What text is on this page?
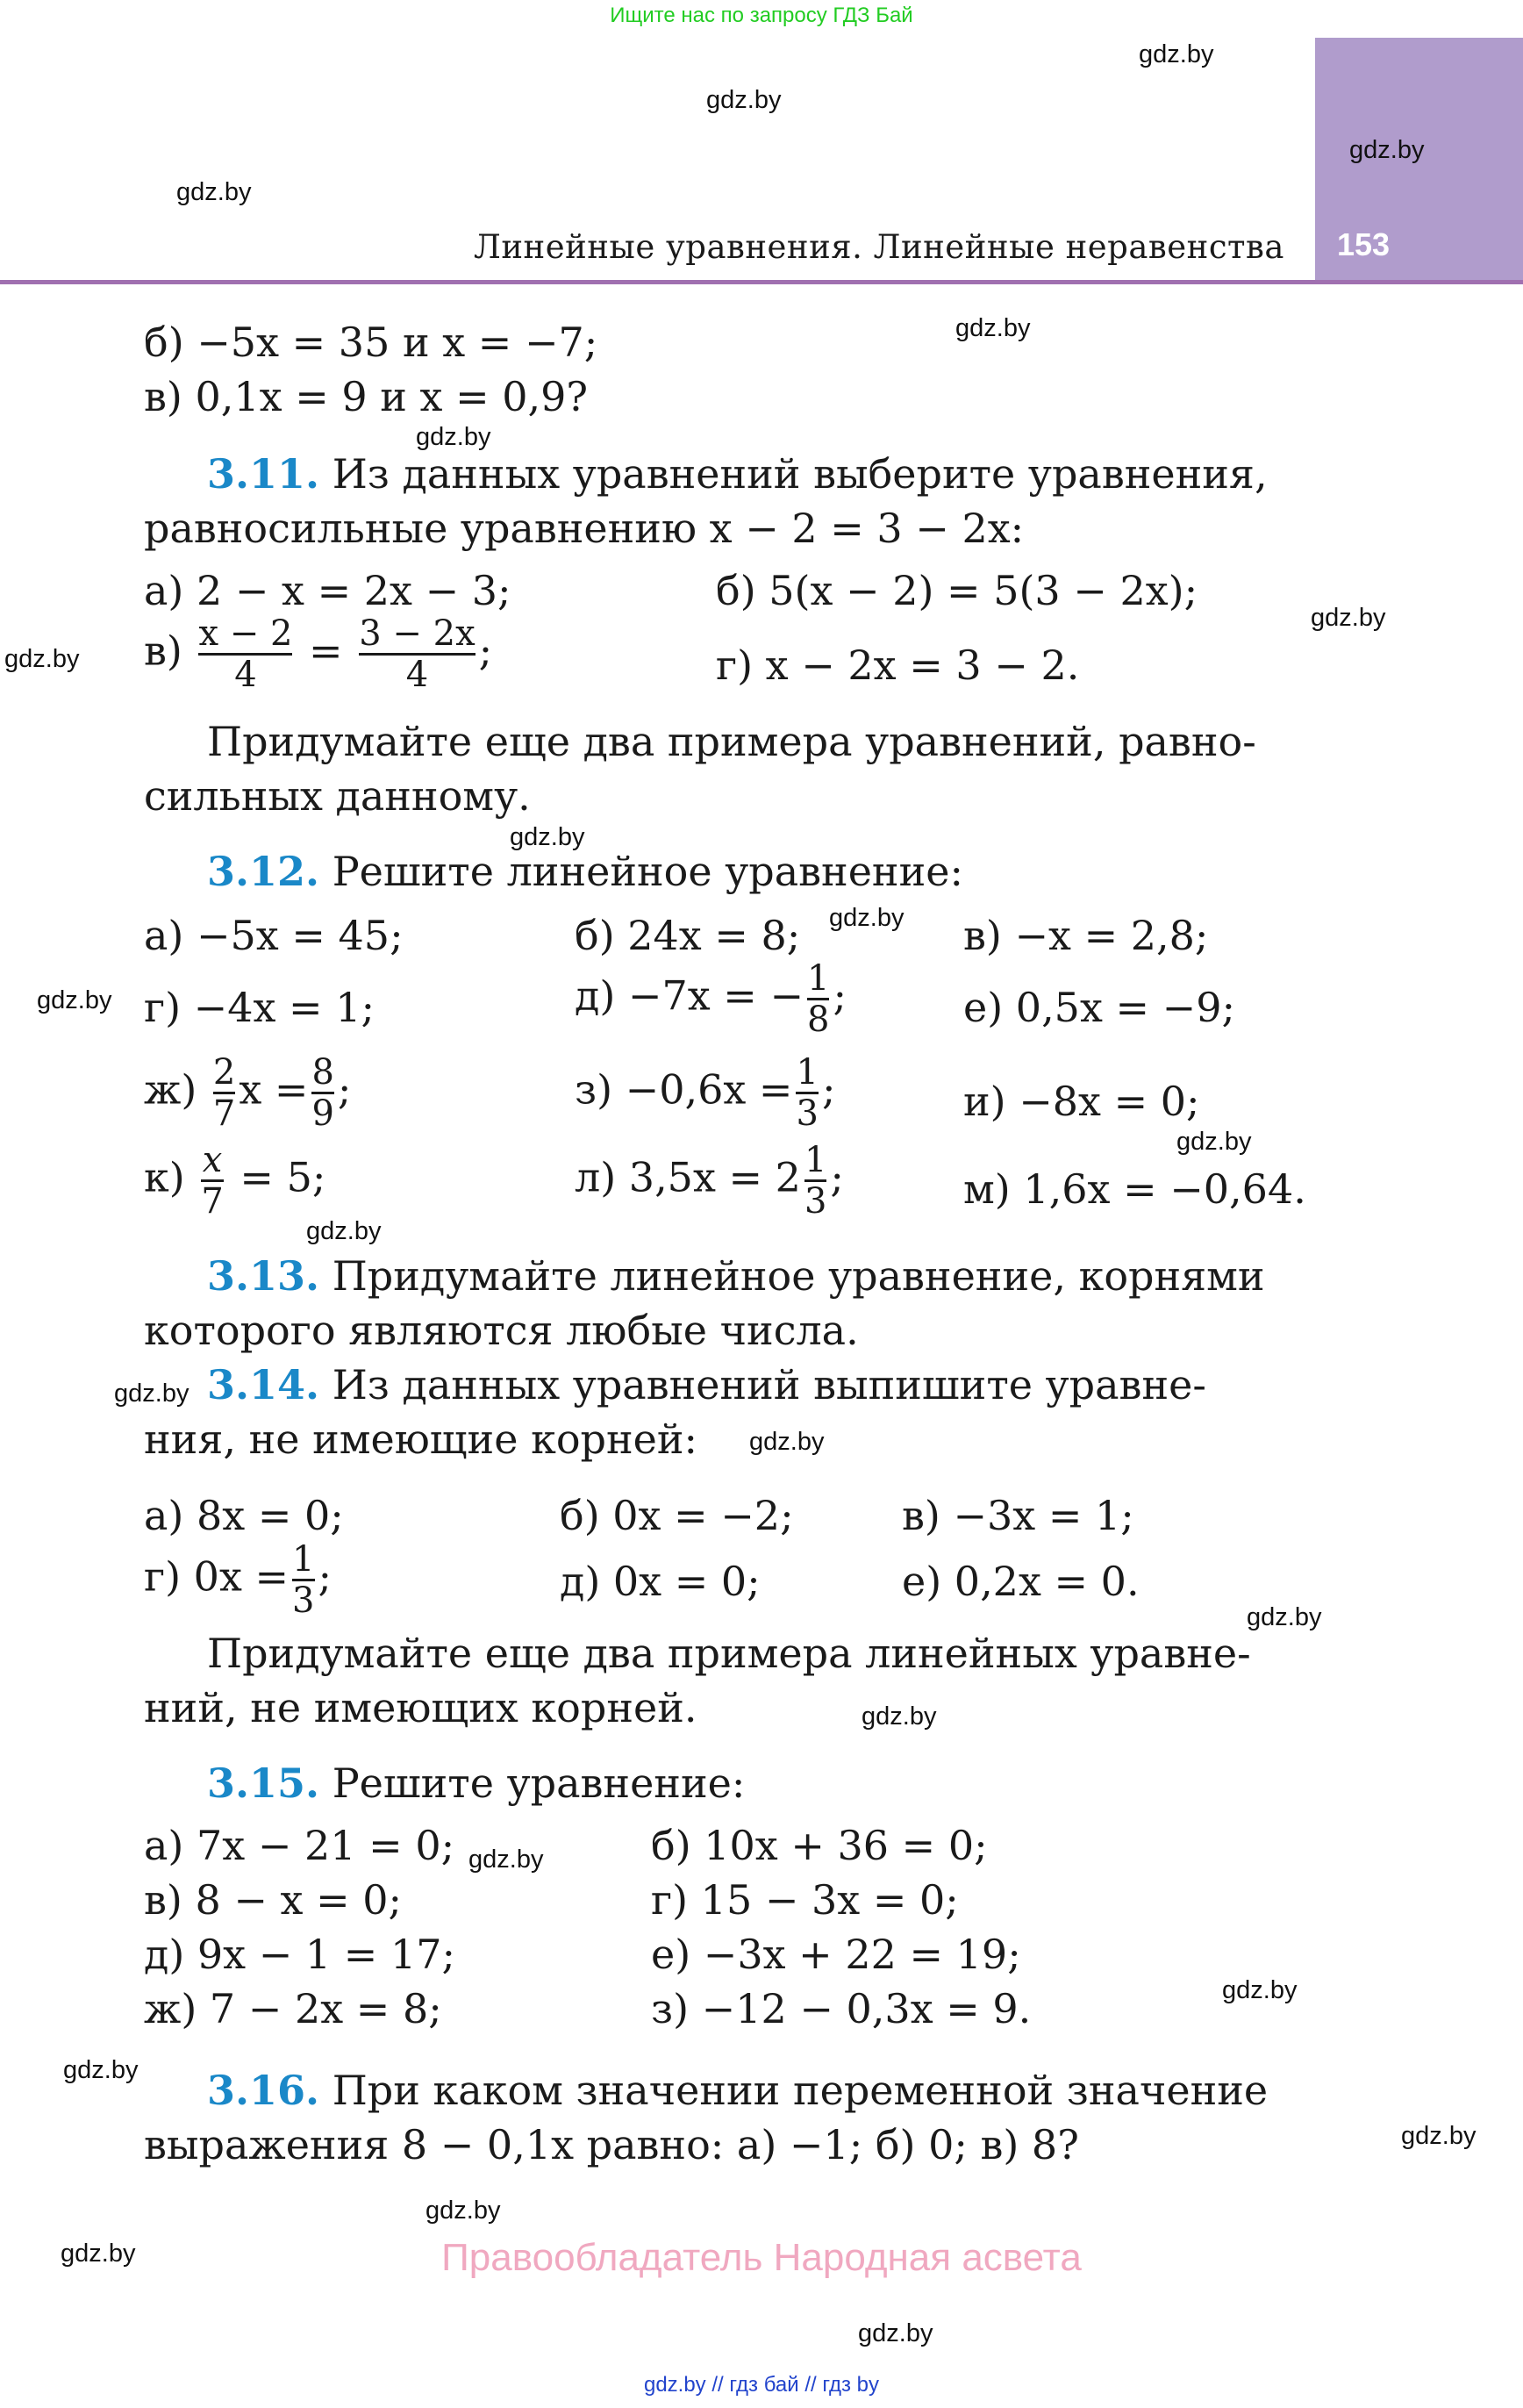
Ищите нас по запросу ГДЗ Бай
153
Линейные уравнения. Линейные неравенства
gdz.by
gdz.by
gdz.by
gdz.by
gdz.by
gdz.by
gdz.by
gdz.by
gdz.by
gdz.by
gdz.by
gdz.by
gdz.by
gdz.by
gdz.by
gdz.by
gdz.by
gdz.by
gdz.by
gdz.by
gdz.by
gdz.by
gdz.by
gdz.by
б) −5x = 35 и x = −7;
в) 0,1x = 9 и x = 0,9?
3.11. Из данных уравнений выберите уравнения,
равносильные уравнению x − 2 = 3 − 2x:
а) 2 − x = 2x − 3;	б) 5(x − 2) = 5(3 − 2x);
$в) \frac{x - 2}{4} = \frac{3 - 2x}{4}$ ;	г) x − 2x = 3 − 2.
Придумайте еще два примера уравнений, равно-
сильных данному.
3.12. Решите линейное уравнение:
а) −5x = 45;	б) 24x = 8;	в) −x = 2,8;
г) −4x = 1;	д) −7x = − $\frac{1}{8}$ ;	е) 0,5x = −9;
$ж) \frac{2}{7}$ $x = \frac{8}{9}$ ;	$з) -0,6x = \frac{1}{3}$ ;	и) −8x = 0;
$к) \frac{x}{7} = 5$;	л) $3,5x = 2 \frac{1}{3}$ ;	м) 1,6x = −0,64.
3.13. Придумайте линейное уравнение, корнями
которого являются любые числа.
3.14. Из данных уравнений выпишите уравне-
ния, не имеющие корней:
а) 8x = 0;	б) 0x = −2;	в) −3x = 1;
г) $0x = \frac{1}{3}$ ;	д) 0x = 0;	е) 0,2x = 0.
Придумайте еще два примера линейных уравне-
ний, не имеющих корней.
3.15. Решите уравнение:
а) 7x − 21 = 0;	б) 10x + 36 = 0;
в) 8 − x = 0;	г) 15 − 3x = 0;
д) 9x − 1 = 17;	е) −3x + 22 = 19;
ж) 7 − 2x = 8;	з) −12 − 0,3x = 9.
3.16. При каком значении переменной значение
выражения 8 − 0,1x равно: а) −1; б) 0; в) 8?
Правообладатель Народная асвета
gdz.by // гдз бай // гдз by
